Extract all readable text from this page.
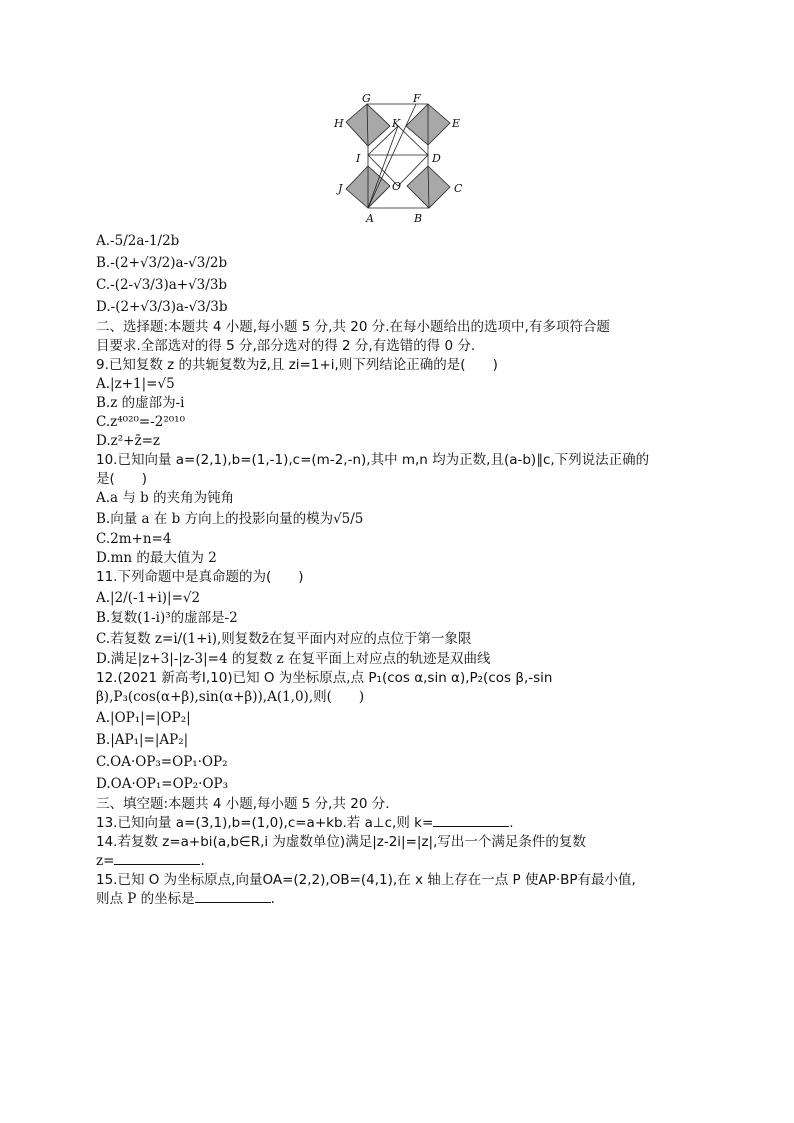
G	F
H	K	E
I	D
J	O	C
A	B
A.-5/2a-1/2b
B.-(2+√3/2)a-√3/2b
C.-(2-√3/3)a+√3/3b
D.-(2+√3/3)a-√3/3b
二、选择题:本题共 4 小题,每小题 5 分,共 20 分.在每小题给出的选项中,有多项符合题
目要求.全部选对的得 5 分,部分选对的得 2 分,有选错的得 0 分.
9.已知复数 z 的共轭复数为z̄,且 zi=1+i,则下列结论正确的是(　　)
A.|z+1|=√5
B.z 的虚部为-i
C.z⁴⁰²⁰=-2²⁰¹⁰
D.z²+z̄=z
10.已知向量 a=(2,1),b=(1,-1),c=(m-2,-n),其中 m,n 均为正数,且(a-b)∥c,下列说法正确的
是(　　)
A.a 与 b 的夹角为钝角
B.向量 a 在 b 方向上的投影向量的模为√5/5
C.2m+n=4
D.mn 的最大值为 2
11.下列命题中是真命题的为(　　)
A.|2/(-1+i)|=√2
B.复数(1-i)³的虚部是-2
C.若复数 z=i/(1+i),则复数z̄在复平面内对应的点位于第一象限
D.满足|z+3|-|z-3|=4 的复数 z 在复平面上对应点的轨迹是双曲线
12.(2021 新高考Ⅰ,10)已知 O 为坐标原点,点 P₁(cos α,sin α),P₂(cos β,-sin
β),P₃(cos(α+β),sin(α+β)),A(1,0),则(　　)
A.|OP₁|=|OP₂|
B.|AP₁|=|AP₂|
C.OA·OP₃=OP₁·OP₂
D.OA·OP₁=OP₂·OP₃
三、填空题:本题共 4 小题,每小题 5 分,共 20 分.
13.已知向量 a=(3,1),b=(1,0),c=a+kb.若 a⊥c,则 k=	.
14.若复数 z=a+bi(a,b∈R,i 为虚数单位)满足|z-2i|=|z|,写出一个满足条件的复数
z=	.
15.已知 O 为坐标原点,向量OA=(2,2),OB=(4,1),在 x 轴上存在一点 P 使AP·BP有最小值,
则点 P 的坐标是	.
